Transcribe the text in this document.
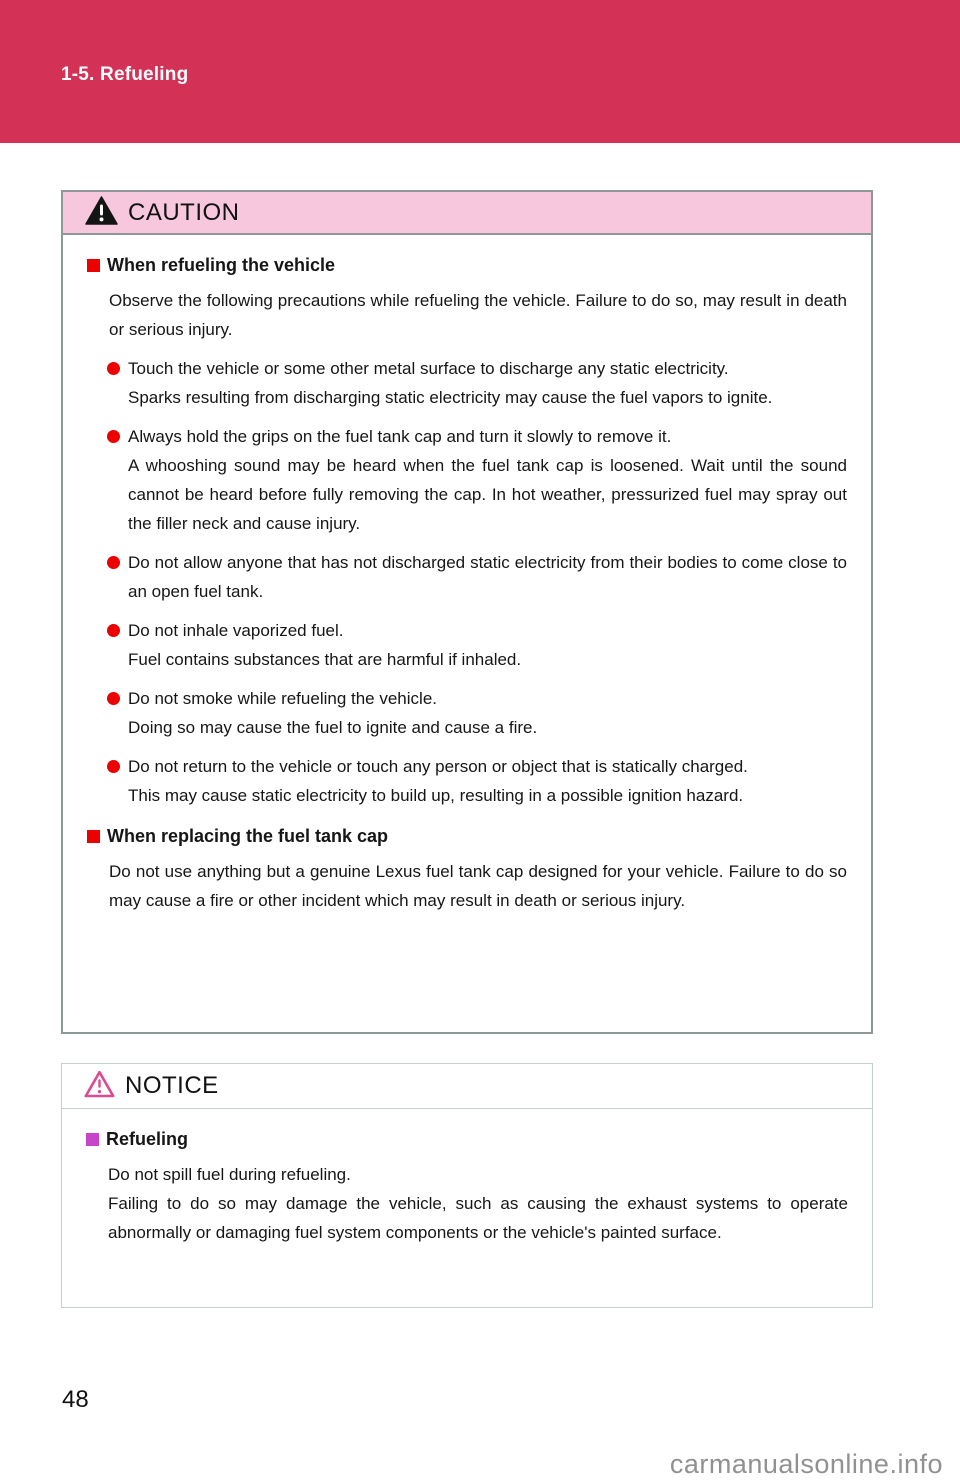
1-5. Refueling
CAUTION
When refueling the vehicle
Observe the following precautions while refueling the vehicle. Failure to do so, may result in death or serious injury.
Touch the vehicle or some other metal surface to discharge any static electricity.
Sparks resulting from discharging static electricity may cause the fuel vapors to ignite.
Always hold the grips on the fuel tank cap and turn it slowly to remove it.
A whooshing sound may be heard when the fuel tank cap is loosened. Wait until the sound cannot be heard before fully removing the cap. In hot weather, pressurized fuel may spray out the filler neck and cause injury.
Do not allow anyone that has not discharged static electricity from their bodies to come close to an open fuel tank.
Do not inhale vaporized fuel.
Fuel contains substances that are harmful if inhaled.
Do not smoke while refueling the vehicle.
Doing so may cause the fuel to ignite and cause a fire.
Do not return to the vehicle or touch any person or object that is statically charged.
This may cause static electricity to build up, resulting in a possible ignition hazard.
When replacing the fuel tank cap
Do not use anything but a genuine Lexus fuel tank cap designed for your vehicle. Failure to do so may cause a fire or other incident which may result in death or serious injury.
NOTICE
Refueling
Do not spill fuel during refueling.
Failing to do so may damage the vehicle, such as causing the exhaust systems to operate abnormally or damaging fuel system components or the vehicle's painted surface.
48
carmanualsonline.info
